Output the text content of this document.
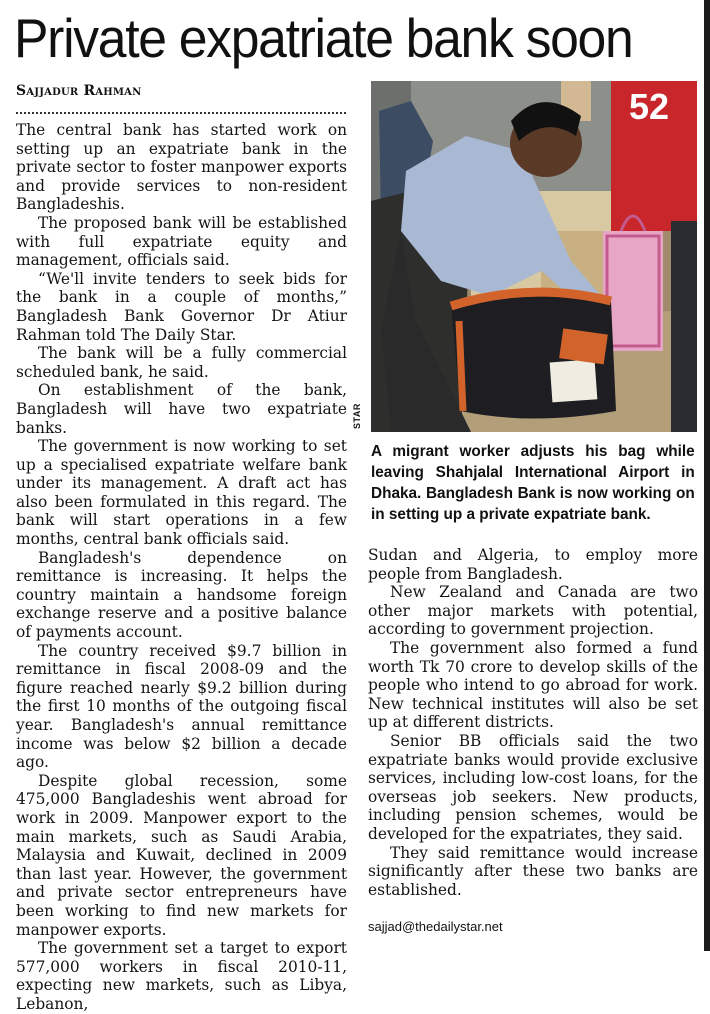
Private expatriate bank soon
Sajjadur Rahman

The central bank has started work on setting up an expatriate bank in the private sector to foster manpower exports and provide services to non-resident Bangladeshis.

The proposed bank will be established with full expatriate equity and management, officials said.

“We'll invite tenders to seek bids for the bank in a couple of months,” Bangladesh Bank Governor Dr Atiur Rahman told The Daily Star.

The bank will be a fully commercial scheduled bank, he said.

On establishment of the bank, Bangladesh will have two expatriate banks.

The government is now working to set up a specialised expatriate welfare bank under its management. A draft act has also been formulated in this regard. The bank will start operations in a few months, central bank officials said.

Bangladesh's dependence on remittance is increasing. It helps the country maintain a handsome foreign exchange reserve and a positive balance of payments account.

The country received $9.7 billion in remittance in fiscal 2008-09 and the figure reached nearly $9.2 billion during the first 10 months of the outgoing fiscal year. Bangladesh's annual remittance income was below $2 billion a decade ago.

Despite global recession, some 475,000 Bangladeshis went abroad for work in 2009. Manpower export to the main markets, such as Saudi Arabia, Malaysia and Kuwait, declined in 2009 than last year. However, the government and private sector entrepreneurs have been working to find new markets for manpower exports.

The government set a target to export 577,000 workers in fiscal 2010-11, expecting new markets, such as Libya, Lebanon,

52
STAR

A migrant worker adjusts his bag while leaving Shahjalal International Airport in Dhaka. Bangladesh Bank is now working on in setting up a private expatriate bank.

Sudan and Algeria, to employ more people from Bangladesh.

New Zealand and Canada are two other major markets with potential, according to government projection.

The government also formed a fund worth Tk 70 crore to develop skills of the people who intend to go abroad for work. New technical institutes will also be set up at different districts.

Senior BB officials said the two expatriate banks would provide exclusive services, including low-cost loans, for the overseas job seekers. New products, including pension schemes, would be developed for the expatriates, they said.

They said remittance would increase significantly after these two banks are established.

sajjad@thedailystar.net
